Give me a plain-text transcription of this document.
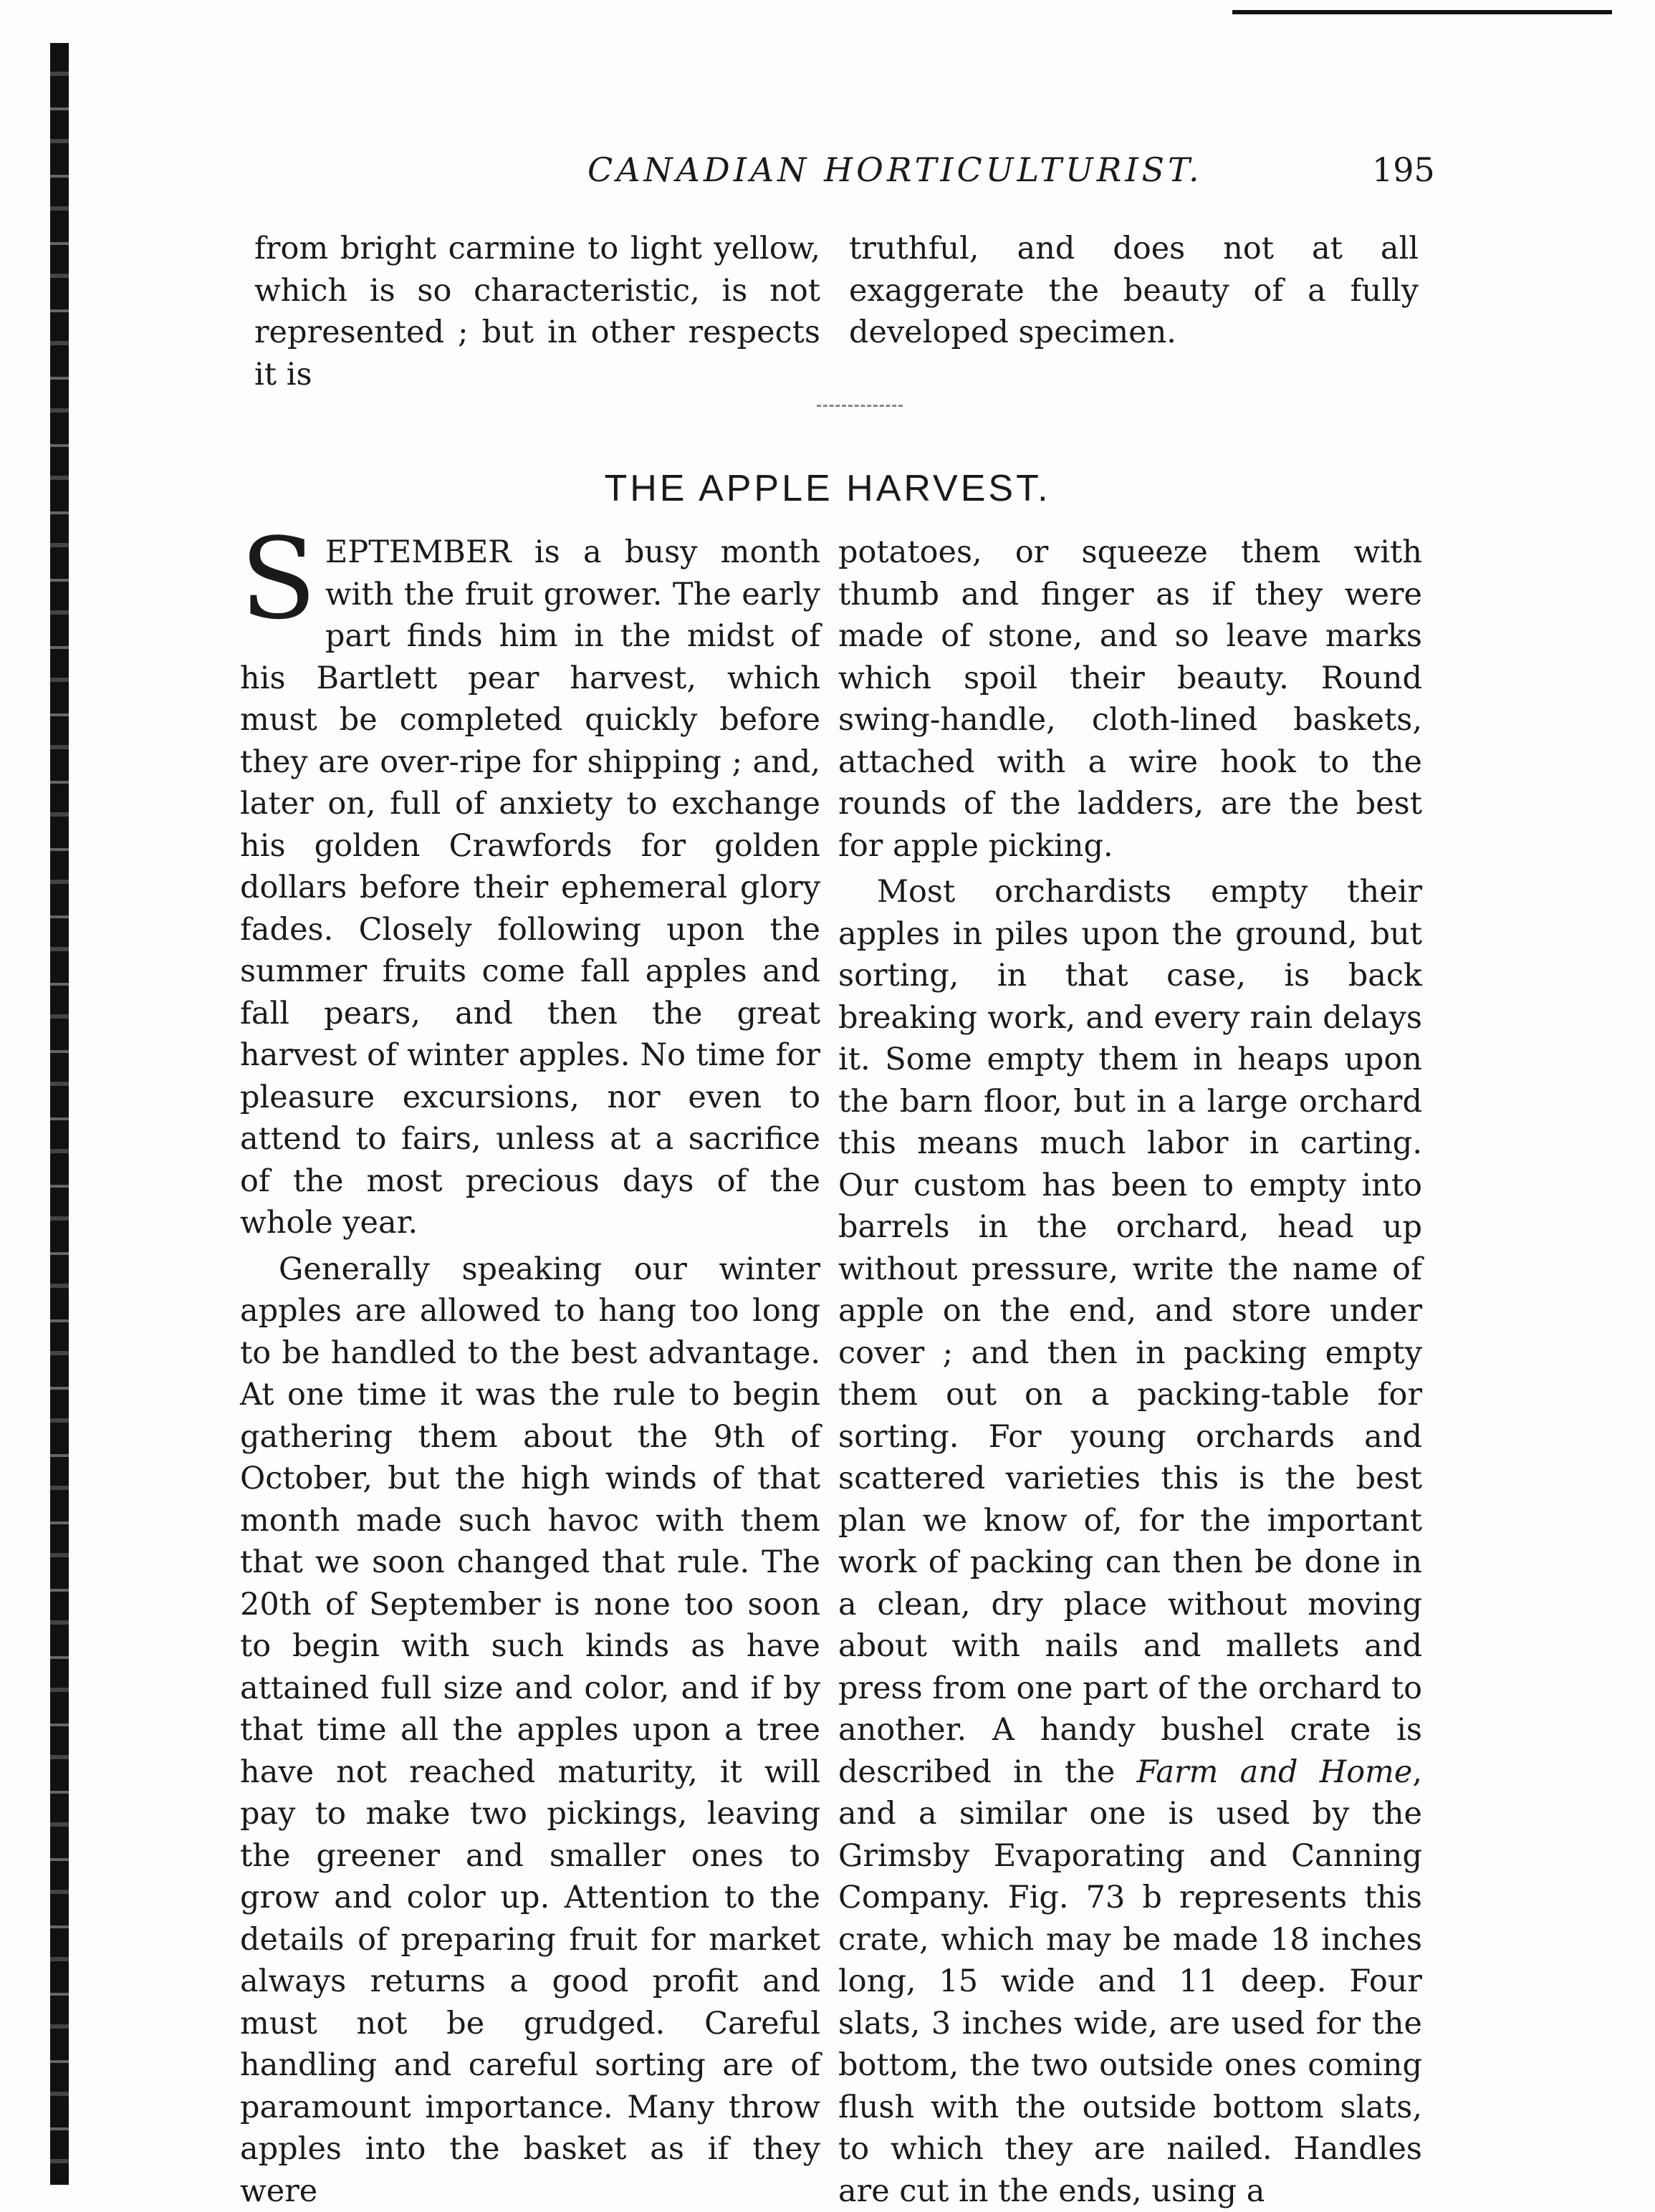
CANADIAN HORTICULTURIST.	195

from bright carmine to light yellow, which is so characteristic, is not represented ; but in other respects it is

truthful, and does not at all exaggerate the beauty of a fully developed specimen.

THE APPLE HARVEST.

SEPTEMBER is a busy month with the fruit grower. The early part finds him in the midst of his Bartlett pear harvest, which must be completed quickly before they are over-ripe for shipping ; and, later on, full of anxiety to exchange his golden Crawfords for golden dollars before their ephemeral glory fades. Closely following upon the summer fruits come fall apples and fall pears, and then the great harvest of winter apples. No time for pleasure excursions, nor even to attend to fairs, unless at a sacrifice of the most precious days of the whole year.

Generally speaking our winter apples are allowed to hang too long to be handled to the best advantage. At one time it was the rule to begin gathering them about the 9th of October, but the high winds of that month made such havoc with them that we soon changed that rule. The 20th of September is none too soon to begin with such kinds as have attained full size and color, and if by that time all the apples upon a tree have not reached maturity, it will pay to make two pickings, leaving the greener and smaller ones to grow and color up. Attention to the details of preparing fruit for market always returns a good profit and must not be grudged. Careful handling and careful sorting are of paramount importance. Many throw apples into the basket as if they were

potatoes, or squeeze them with thumb and finger as if they were made of stone, and so leave marks which spoil their beauty. Round swing-handle, cloth-lined baskets, attached with a wire hook to the rounds of the ladders, are the best for apple picking.

Most orchardists empty their apples in piles upon the ground, but sorting, in that case, is back breaking work, and every rain delays it. Some empty them in heaps upon the barn floor, but in a large orchard this means much labor in carting. Our custom has been to empty into barrels in the orchard, head up without pressure, write the name of apple on the end, and store under cover ; and then in packing empty them out on a packing-table for sorting. For young orchards and scattered varieties this is the best plan we know of, for the important work of packing can then be done in a clean, dry place without moving about with nails and mallets and press from one part of the orchard to another. A handy bushel crate is described in the Farm and Home, and a similar one is used by the Grimsby Evaporating and Canning Company. Fig. 73 b represents this crate, which may be made 18 inches long, 15 wide and 11 deep. Four slats, 3 inches wide, are used for the bottom, the two outside ones coming flush with the outside bottom slats, to which they are nailed. Handles are cut in the ends, using a
